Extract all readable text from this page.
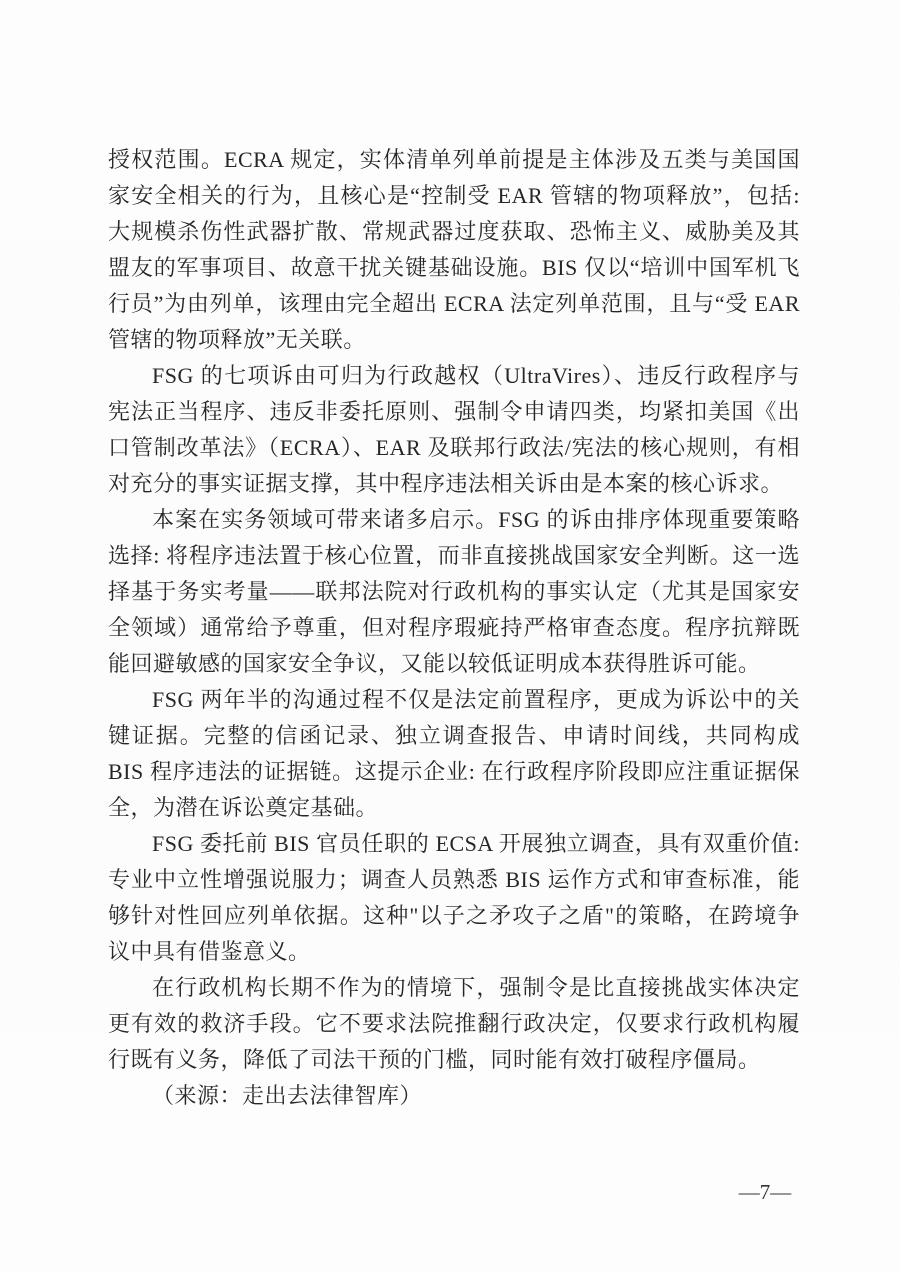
授权范围。ECRA 规定，实体清单列单前提是主体涉及五类与美国国家安全相关的行为，且核心是“控制受 EAR 管辖的物项释放”，包括: 大规模杀伤性武器扩散、常规武器过度获取、恐怖主义、威胁美及其盟友的军事项目、故意干扰关键基础设施。BIS 仅以“培训中国军机飞行员”为由列单，该理由完全超出 ECRA 法定列单范围，且与“受 EAR 管辖的物项释放”无关联。

FSG 的七项诉由可归为行政越权（UltraVires）、违反行政程序与宪法正当程序、违反非委托原则、强制令申请四类，均紧扣美国《出口管制改革法》（ECRA）、EAR 及联邦行政法/宪法的核心规则，有相对充分的事实证据支撑，其中程序违法相关诉由是本案的核心诉求。

本案在实务领域可带来诸多启示。FSG 的诉由排序体现重要策略选择: 将程序违法置于核心位置，而非直接挑战国家安全判断。这一选择基于务实考量——联邦法院对行政机构的事实认定（尤其是国家安全领域）通常给予尊重，但对程序瑕疵持严格审查态度。程序抗辩既能回避敏感的国家安全争议，又能以较低证明成本获得胜诉可能。

FSG 两年半的沟通过程不仅是法定前置程序，更成为诉讼中的关键证据。完整的信函记录、独立调查报告、申请时间线，共同构成 BIS 程序违法的证据链。这提示企业: 在行政程序阶段即应注重证据保全，为潜在诉讼奠定基础。

FSG 委托前 BIS 官员任职的 ECSA 开展独立调查，具有双重价值: 专业中立性增强说服力；调查人员熟悉 BIS 运作方式和审查标准，能够针对性回应列单依据。这种"以子之矛攻子之盾"的策略，在跨境争议中具有借鉴意义。

在行政机构长期不作为的情境下，强制令是比直接挑战实体决定更有效的救济手段。它不要求法院推翻行政决定，仅要求行政机构履行既有义务，降低了司法干预的门槛，同时能有效打破程序僵局。

（来源：走出去法律智库）

—7—
